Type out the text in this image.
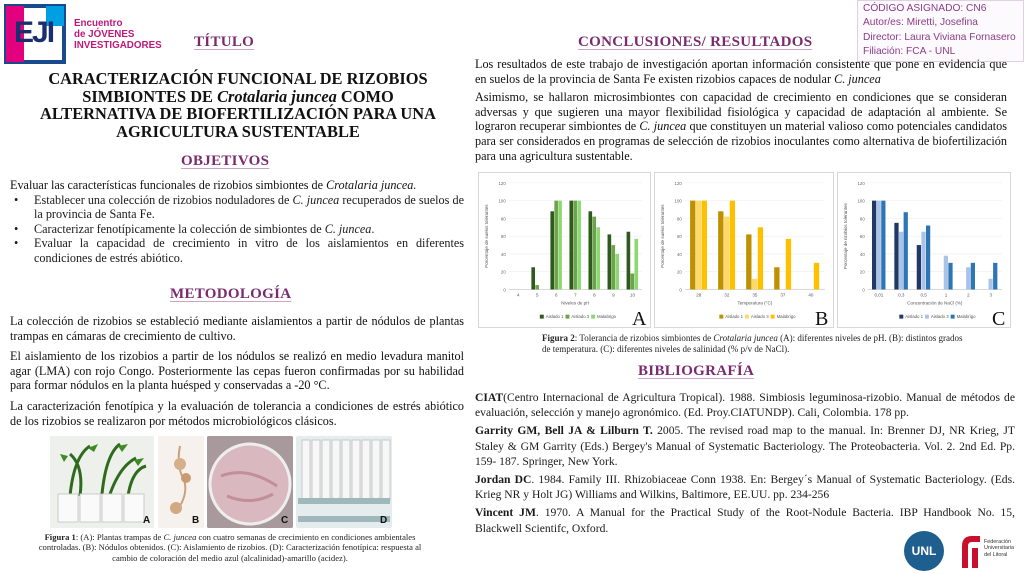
EJI Encuentro
de JÓVENES
INVESTIGADORES TÍTULO
CARACTERIZACIÓN FUNCIONAL DE RIZOBIOS
SIMBIONTES DE Crotalaria juncea COMO
ALTERNATIVA DE BIOFERTILIZACIÓN PARA UNA
AGRICULTURA SUSTENTABLE
CÓDIGO ASIGNADO: CN6
Autor/es: Miretti, Josefina
Director: Laura Viviana Fornasero
Filiación: FCA - UNL
OBJETIVOS
Evaluar las características funcionales de rizobios simbiontes de Crotalaria juncea.
• Establecer una colección de rizobios noduladores de C. juncea recuperados de suelos de la provincia de Santa Fe.
• Caracterizar fenotípicamente la colección de simbiontes de C. juncea.
• Evaluar la capacidad de crecimiento in vitro de los aislamientos en diferentes condiciones de estrés abiótico.
METODOLOGÍA
La colección de rizobios se estableció mediante aislamientos a partir de nódulos de plantas trampas en cámaras de crecimiento de cultivo.
El aislamiento de los rizobios a partir de los nódulos se realizó en medio levadura manitol agar (LMA) con rojo Congo. Posteriormente las cepas fueron confirmadas por su habilidad para formar nódulos en la planta huésped y conservadas a -20 °C.
La caracterización fenotípica y la evaluación de tolerancia a condiciones de estrés abiótico de los rizobios se realizaron por métodos microbiológicos clásicos.
A	B	C	D
Figura 1: (A): Plantas trampas de C. juncea con cuatro semanas de crecimiento en condiciones ambientales controladas. (B): Nódulos obtenidos. (C): Aislamiento de rizobios. (D): Caracterización fenotípica: respuesta al cambio de coloración del medio azul (alcalinidad)-amarillo (acidez).
CONCLUSIONES/ RESULTADOS
Los resultados de este trabajo de investigación aportan información consistente que pone en evidencia que en suelos de la provincia de Santa Fe existen rizobios capaces de nodular C. juncea
Asimismo, se hallaron microsimbiontes con capacidad de crecimiento en condiciones que se consideran adversas y que sugieren una mayor flexibilidad fisiológica y capacidad de adaptación al ambiente. Se lograron recuperar simbiontes de C. juncea que constituyen un material valioso como potenciales candidatos para ser considerados en programas de selección de rizobios inoculantes como alternativa de biofertilización para una agricultura sustentable.
0
20
40
60
80
100
120
Porcentaje de suelos tolerantes
4	5	6	7	8	9	10
Niveles de pH
Aislado 1 Aislado 3 Malabrigo A
0
20
40
60
80
100
120
Porcentaje de suelos tolerantes
28	32	35	37	40
Temperatura (°C)
Aislado 1 Aislado 3 Malabrigo B
0
20
40
60
80
100
120
Porcentaje de rizobios tolerantes
0,01	0,3	0,5	1	2	3
Concentración de NaCl (%)
Aislado 1 Aislado 3 Malabrigo C
Figura 2: Tolerancia de rizobios simbiontes de Crotalaria juncea (A): diferentes niveles de pH. (B): distintos grados de temperatura. (C): diferentes niveles de salinidad (% p/v de NaCl).
BIBLIOGRAFÍA
CIAT(Centro Internacional de Agricultura Tropical). 1988. Simbiosis leguminosa-rizobio. Manual de métodos de evaluación, selección y manejo agronómico. (Ed. Proy.CIATUNDP). Cali, Colombia. 178 pp.
Garrity GM, Bell JA & Lilburn T. 2005. The revised road map to the manual. In: Brenner DJ, NR Krieg, JT Staley & GM Garrity (Eds.) Bergey's Manual of Systematic Bacteriology. The Proteobacteria. Vol. 2. 2nd Ed. Pp. 159- 187. Springer, New York.
Jordan DC. 1984. Family III. Rhizobiaceae Conn 1938. En: Bergey´s Manual of Systematic Bacteriology. (Eds. Krieg NR y Holt JG) Williams and Wilkins, Baltimore, EE.UU. pp. 234-256
Vincent JM. 1970. A Manual for the Practical Study of the Root-Nodule Bacteria. IBP Handbook No. 15, Blackwell Scientifc, Oxford.
UNL
Federación
Universitaria
del Litoral
